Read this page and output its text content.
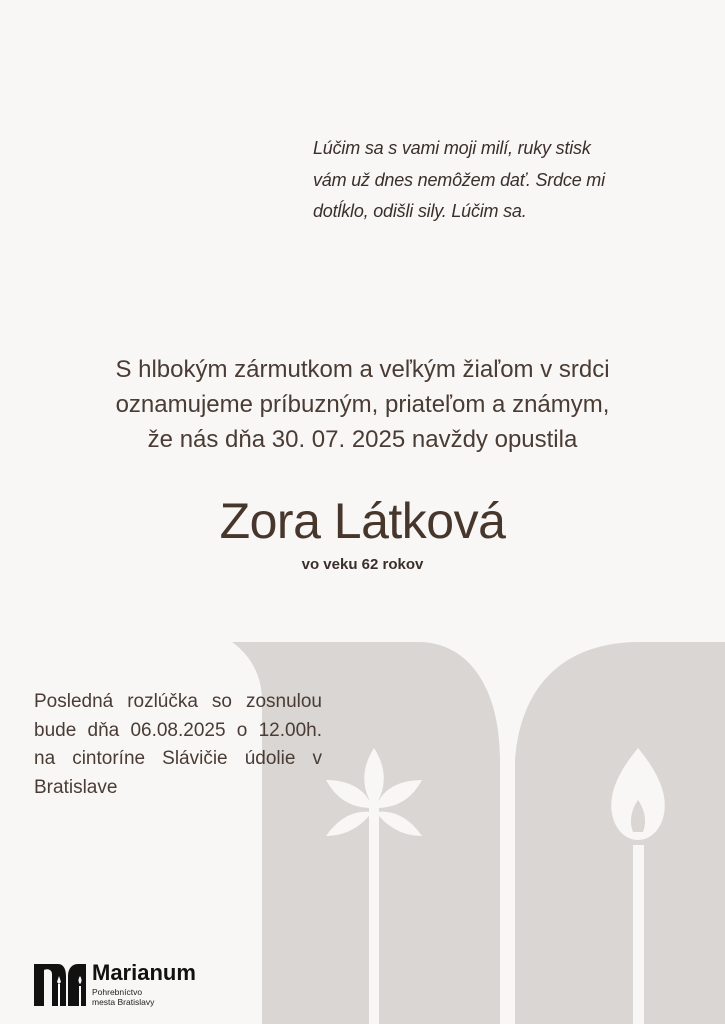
Lúčim sa s vami moji milí, ruky stisk
vám už dnes nemôžem dať. Srdce mi
dotĺklo, odišli sily. Lúčim sa.
S hlbokým zármutkom a veľkým žiaľom v srdci
oznamujeme príbuzným, priateľom a známym,
že nás dňa 30. 07. 2025 navždy opustila
Zora Látková
vo veku 62 rokov
Posledná rozlúčka so zosnulou bude dňa 06.08.2025 o 12.00h. na cintoríne Slávičie údolie v Bratislave
Marianum
Pohrebníctvo
mesta Bratislavy
